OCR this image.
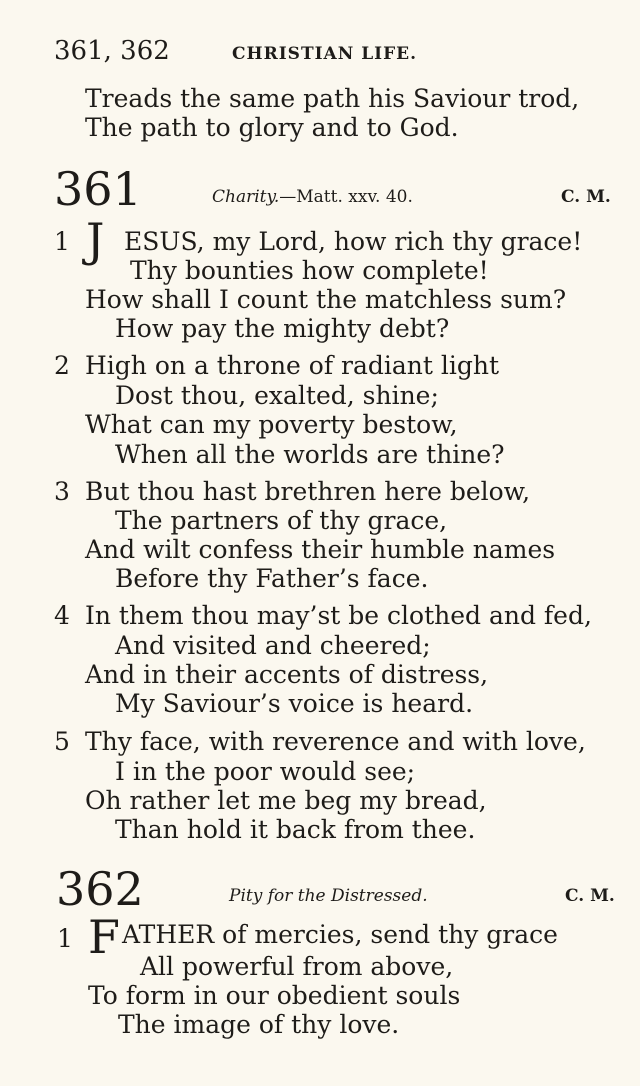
361, 362	CHRISTIAN LIFE.
Treads the same path his Saviour trod,
The path to glory and to God.
361	Charity.—Matt. xxv. 40.	C. M.
1 J ESUS, my Lord, how rich thy grace!
Thy bounties how complete!
How shall I count the matchless sum?
How pay the mighty debt?
2 High on a throne of radiant light
Dost thou, exalted, shine;
What can my poverty bestow,
When all the worlds are thine?
3 But thou hast brethren here below,
The partners of thy grace,
And wilt confess their humble names
Before thy Father’s face.
4 In them thou may’st be clothed and fed,
And visited and cheered;
And in their accents of distress,
My Saviour’s voice is heard.
5 Thy face, with reverence and with love,
I in the poor would see;
Oh rather let me beg my bread,
Than hold it back from thee.
362	Pity for the Distressed.	C. M.
1 F ATHER of mercies, send thy grace
All powerful from above,
To form in our obedient souls
The image of thy love.
